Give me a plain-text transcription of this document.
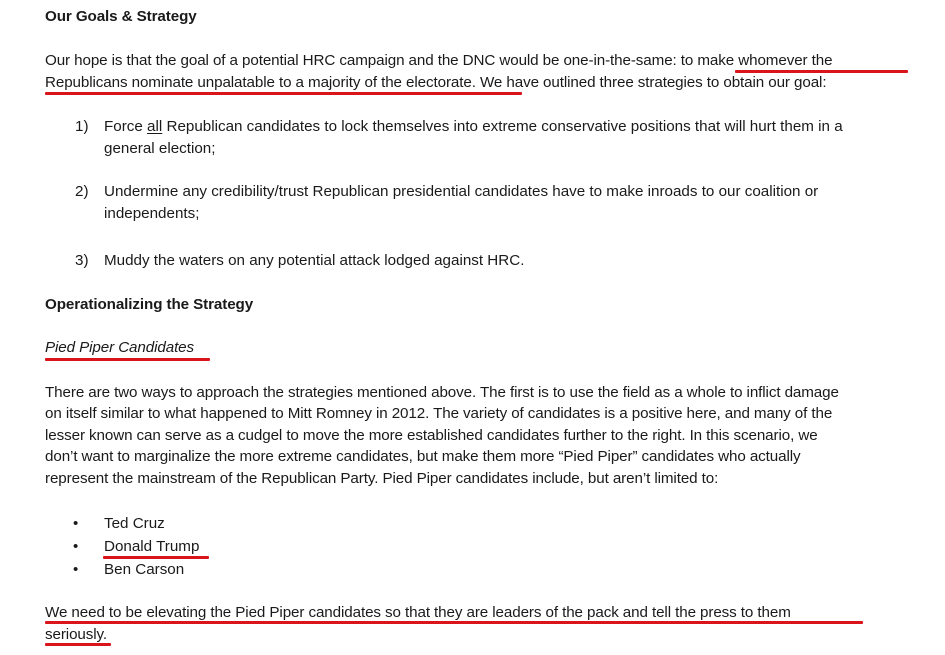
Our Goals & Strategy
Our hope is that the goal of a potential HRC campaign and the DNC would be one-in-the-same: to make whomever the
Republicans nominate unpalatable to a majority of the electorate. We have outlined three strategies to obtain our goal:
1) Force all Republican candidates to lock themselves into extreme conservative positions that will hurt them in a
general election;
2) Undermine any credibility/trust Republican presidential candidates have to make inroads to our coalition or
independents;
3) Muddy the waters on any potential attack lodged against HRC.
Operationalizing the Strategy
Pied Piper Candidates
There are two ways to approach the strategies mentioned above. The first is to use the field as a whole to inflict damage
on itself similar to what happened to Mitt Romney in 2012. The variety of candidates is a positive here, and many of the
lesser known can serve as a cudgel to move the more established candidates further to the right. In this scenario, we
don’t want to marginalize the more extreme candidates, but make them more “Pied Piper” candidates who actually
represent the mainstream of the Republican Party. Pied Piper candidates include, but aren’t limited to:
• Ted Cruz
• Donald Trump
• Ben Carson
We need to be elevating the Pied Piper candidates so that they are leaders of the pack and tell the press to them
seriously.
